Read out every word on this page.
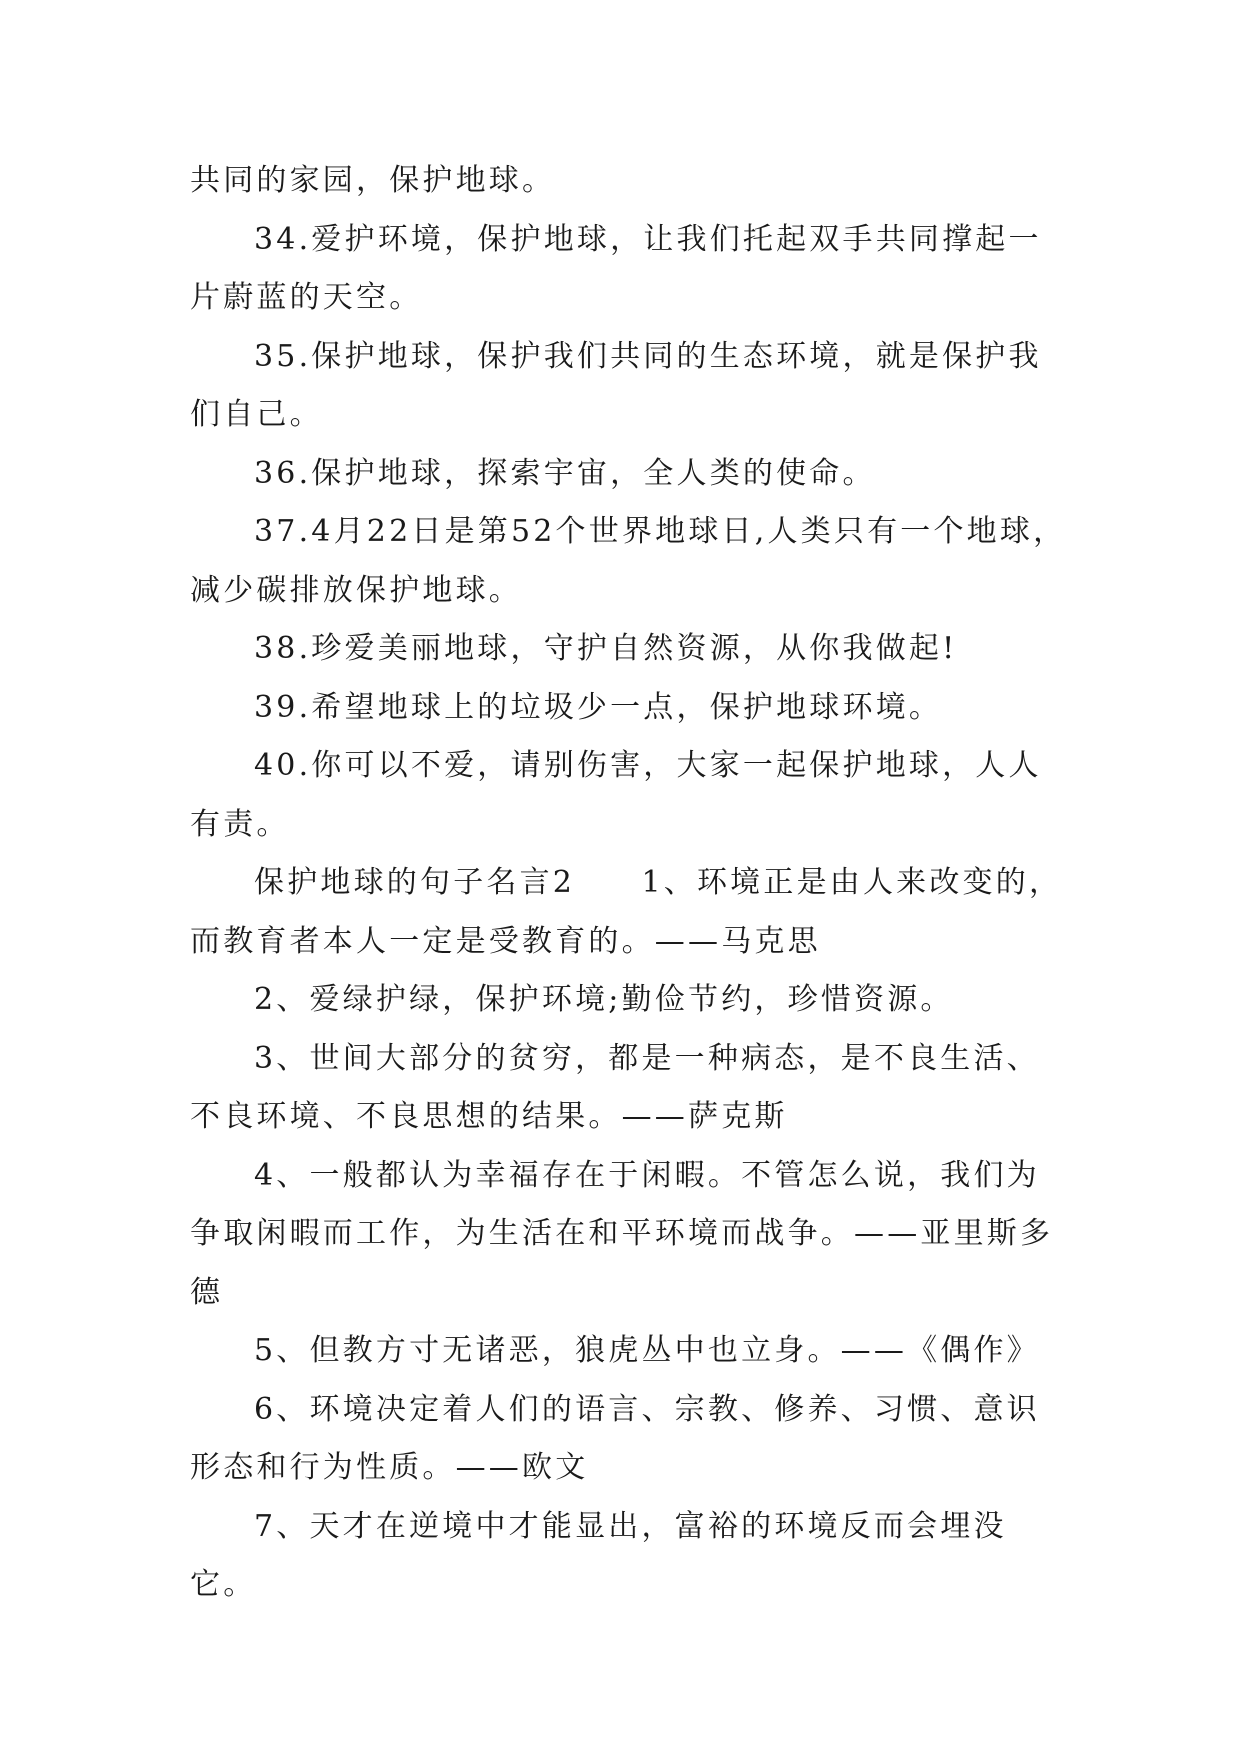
共同的家园，保护地球。

34.爱护环境，保护地球，让我们托起双手共同撑起一片蔚蓝的天空。

35.保护地球，保护我们共同的生态环境，就是保护我们自己。

36.保护地球，探索宇宙，全人类的使命。

37.4月22日是第52个世界地球日,人类只有一个地球，减少碳排放保护地球。

38.珍爱美丽地球，守护自然资源，从你我做起!

39.希望地球上的垃圾少一点，保护地球环境。

40.你可以不爱，请别伤害，大家一起保护地球，人人有责。

保护地球的句子名言2　　1、环境正是由人来改变的，而教育者本人一定是受教育的。——马克思

2、爱绿护绿，保护环境;勤俭节约，珍惜资源。

3、世间大部分的贫穷，都是一种病态，是不良生活、不良环境、不良思想的结果。——萨克斯

4、一般都认为幸福存在于闲暇。不管怎么说，我们为争取闲暇而工作，为生活在和平环境而战争。——亚里斯多德

5、但教方寸无诸恶，狼虎丛中也立身。——《偶作》

6、环境决定着人们的语言、宗教、修养、习惯、意识形态和行为性质。——欧文

7、天才在逆境中才能显出，富裕的环境反而会埋没它。
